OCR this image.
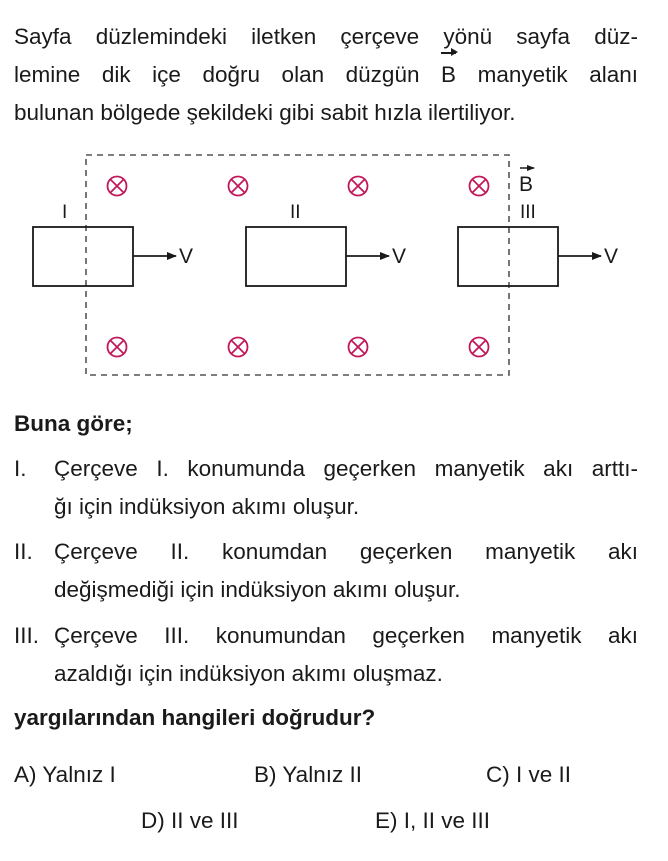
Sayfa düzlemindeki iletken çerçeve yönü sayfa düz-
lemine dik içe doğru olan düzgün B manyetik alanı
bulunan bölgede şekildeki gibi sabit hızla ilertiliyor.
B
I
V
II
V
III
V
Buna göre;
I. Çerçeve I. konumunda geçerken manyetik akı arttı-
ğı için indüksiyon akımı oluşur.
II. Çerçeve II. konumdan geçerken manyetik akı
değişmediği için indüksiyon akımı oluşur.
III. Çerçeve III. konumundan geçerken manyetik akı
azaldığı için indüksiyon akımı oluşmaz.
yargılarından hangileri doğrudur?
A) Yalnız I	B) Yalnız II	C) I ve II
D) II ve III	E) I, II ve III
